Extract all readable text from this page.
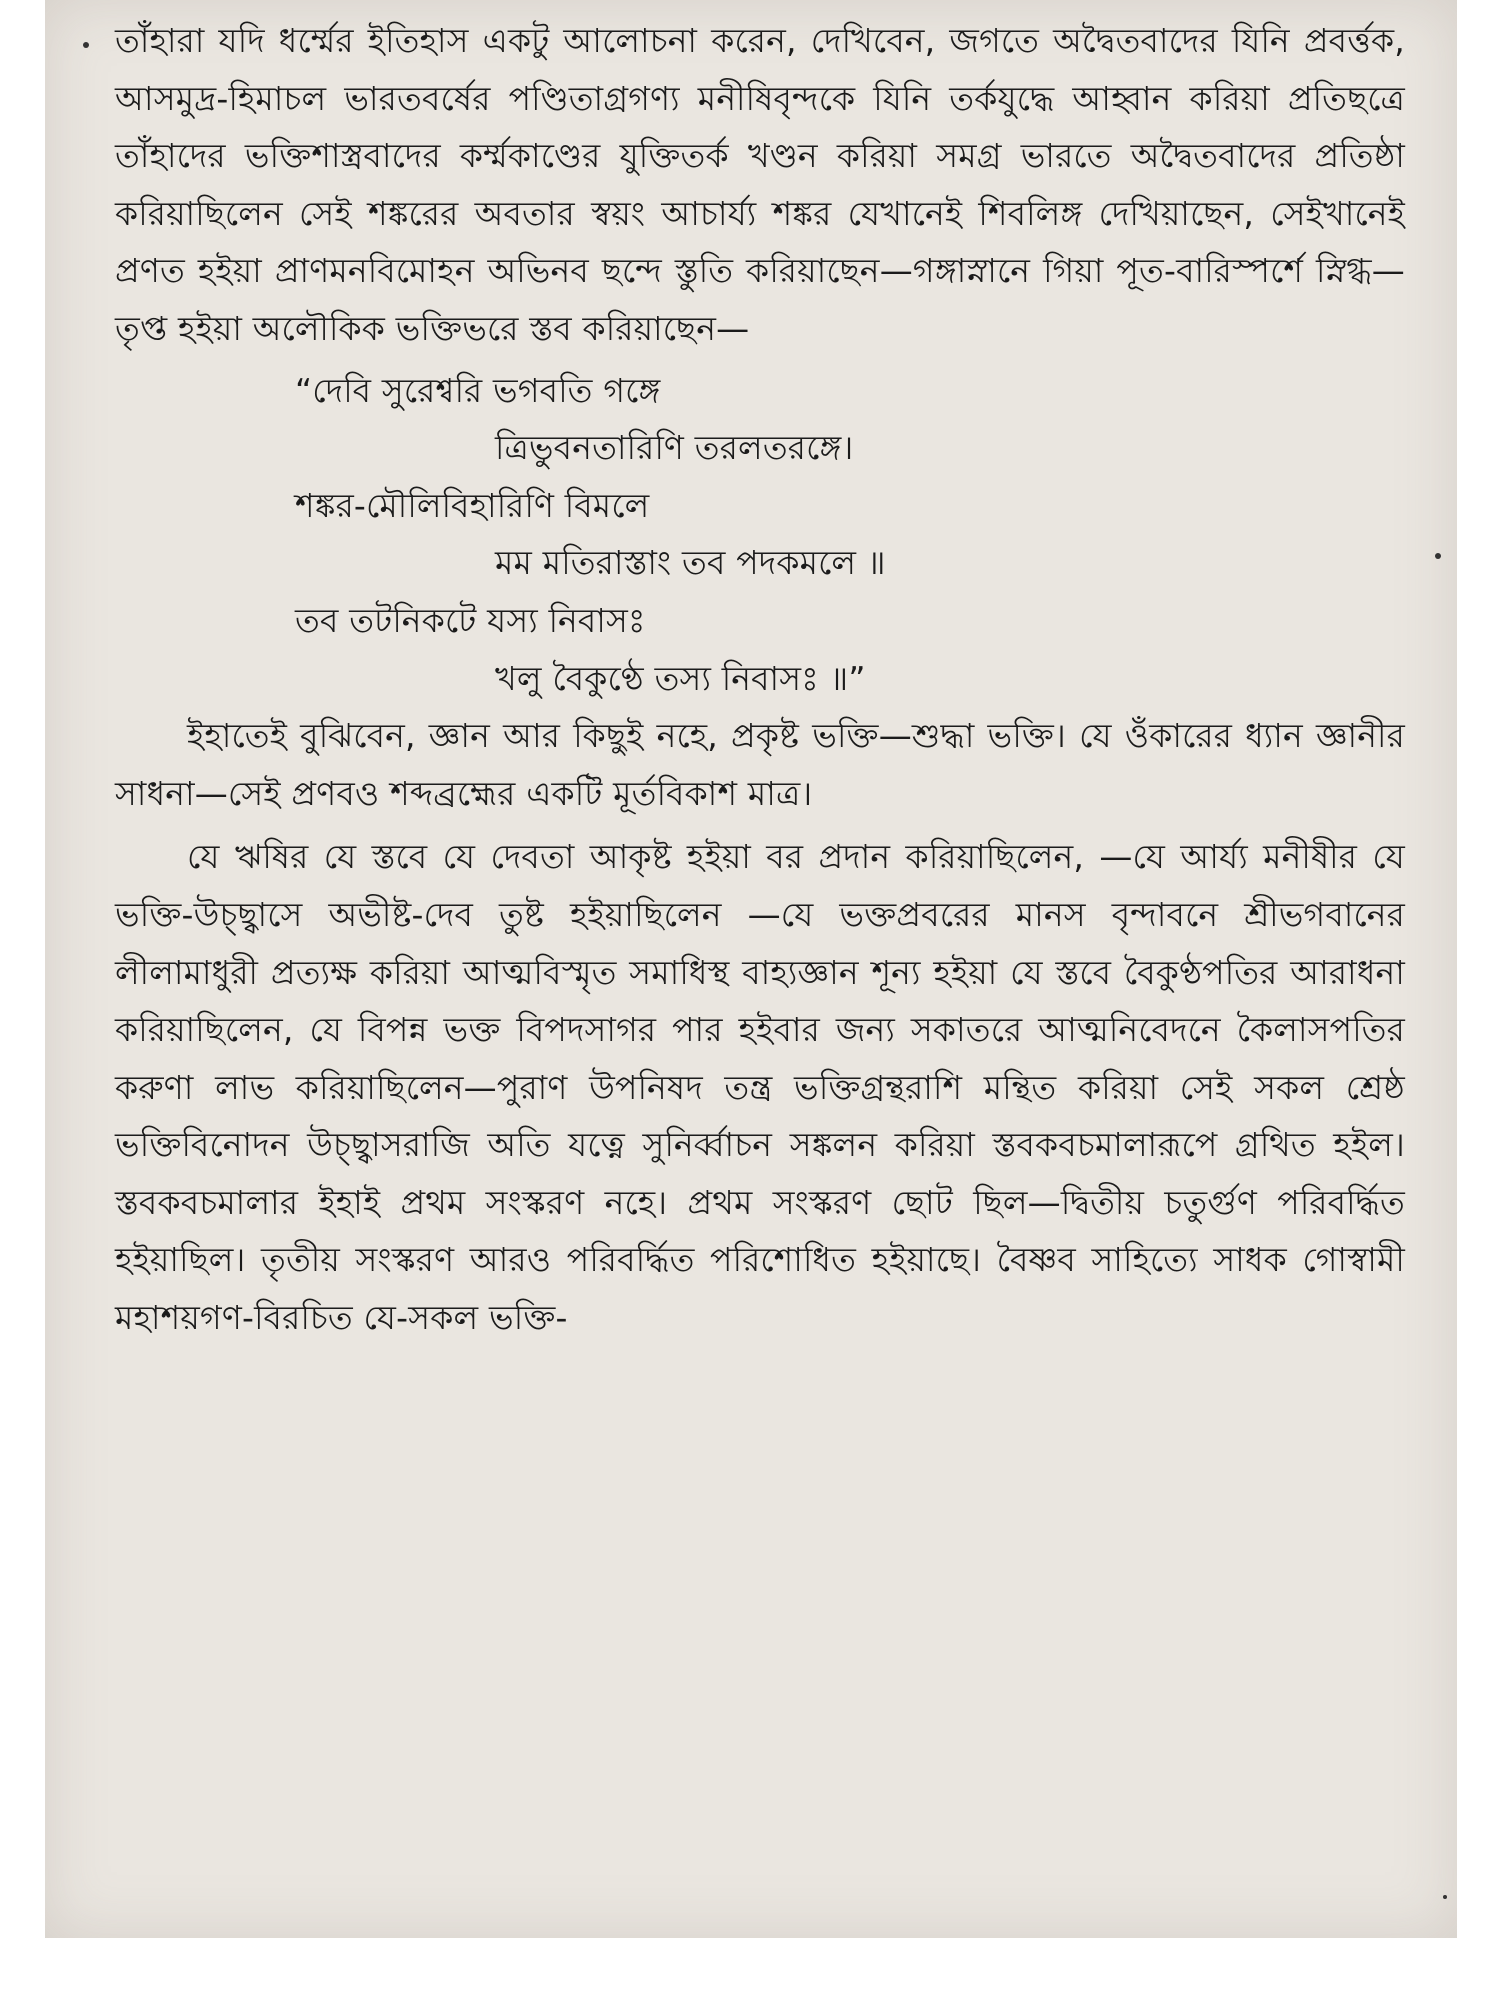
তাঁহারা যদি ধর্ম্মের ইতিহাস একটু আলোচনা করেন, দেখিবেন, জগতে অদ্বৈতবাদের যিনি প্রবর্ত্তক, আসমুদ্র-হিমাচল ভারতবর্ষের পণ্ডিতাগ্রগণ্য মনীষিবৃন্দকে যিনি তর্কযুদ্ধে আহ্বান করিয়া প্রতিছত্রে তাঁহাদের ভক্তিশাস্ত্রবাদের কর্ম্মকাণ্ডের যুক্তিতর্ক খণ্ডন করিয়া সমগ্র ভারতে অদ্বৈতবাদের প্রতিষ্ঠা করিয়াছিলেন সেই শঙ্করের অবতার স্বয়ং আচার্য্য শঙ্কর যেখানেই শিবলিঙ্গ দেখিয়াছেন, সেইখানেই প্রণত হইয়া প্রাণমনবিমোহন অভিনব ছন্দে স্তুতি করিয়াছেন—গঙ্গাস্নানে গিয়া পূত-বারিস্পর্শে স্নিগ্ধ—তৃপ্ত হইয়া অলৌকিক ভক্তিভরে স্তব করিয়াছেন—

“দেবি সুরেশ্বরি ভগবতি গঙ্গে
ত্রিভুবনতারিণি তরলতরঙ্গে।
শঙ্কর-মৌলিবিহারিণি বিমলে
মম মতিরাস্তাং তব পদকমলে ॥
তব তটনিকটে যস্য নিবাসঃ
খলু বৈকুণ্ঠে তস্য নিবাসঃ ॥”

ইহাতেই বুঝিবেন, জ্ঞান আর কিছুই নহে, প্রকৃষ্ট ভক্তি—শুদ্ধা ভক্তি। যে ওঁকারের ধ্যান জ্ঞানীর সাধনা—সেই প্রণবও শব্দব্রহ্মের একটি মূর্তবিকাশ মাত্র।

যে ঋষির যে স্তবে যে দেবতা আকৃষ্ট হইয়া বর প্রদান করিয়াছিলেন, —যে আর্য্য মনীষীর যে ভক্তি-উচ্ছ্বাসে অভীষ্ট-দেব তুষ্ট হইয়াছিলেন —যে ভক্তপ্রবরের মানস বৃন্দাবনে শ্রীভগবানের লীলামাধুরী প্রত্যক্ষ করিয়া আত্মবিস্মৃত সমাধিস্থ বাহ্যজ্ঞান শূন্য হইয়া যে স্তবে বৈকুণ্ঠপতির আরাধনা করিয়াছিলেন, যে বিপন্ন ভক্ত বিপদসাগর পার হইবার জন্য সকাতরে আত্মনিবেদনে কৈলাসপতির করুণা লাভ করিয়াছিলেন—পুরাণ উপনিষদ তন্ত্র ভক্তিগ্রন্থরাশি মন্থিত করিয়া সেই সকল শ্রেষ্ঠ ভক্তিবিনোদন উচ্ছ্বাসরাজি অতি যত্নে সুনির্ব্বাচন সঙ্কলন করিয়া স্তবকবচমালারূপে গ্রথিত হইল। স্তবকবচমালার ইহাই প্রথম সংস্করণ নহে। প্রথম সংস্করণ ছোট ছিল—দ্বিতীয় চতুর্গুণ পরিবর্দ্ধিত হইয়াছিল। তৃতীয় সংস্করণ আরও পরিবর্দ্ধিত পরিশোধিত হইয়াছে। বৈষ্ণব সাহিত্যে সাধক গোস্বামী মহাশয়গণ-বিরচিত যে-সকল ভক্তি-
